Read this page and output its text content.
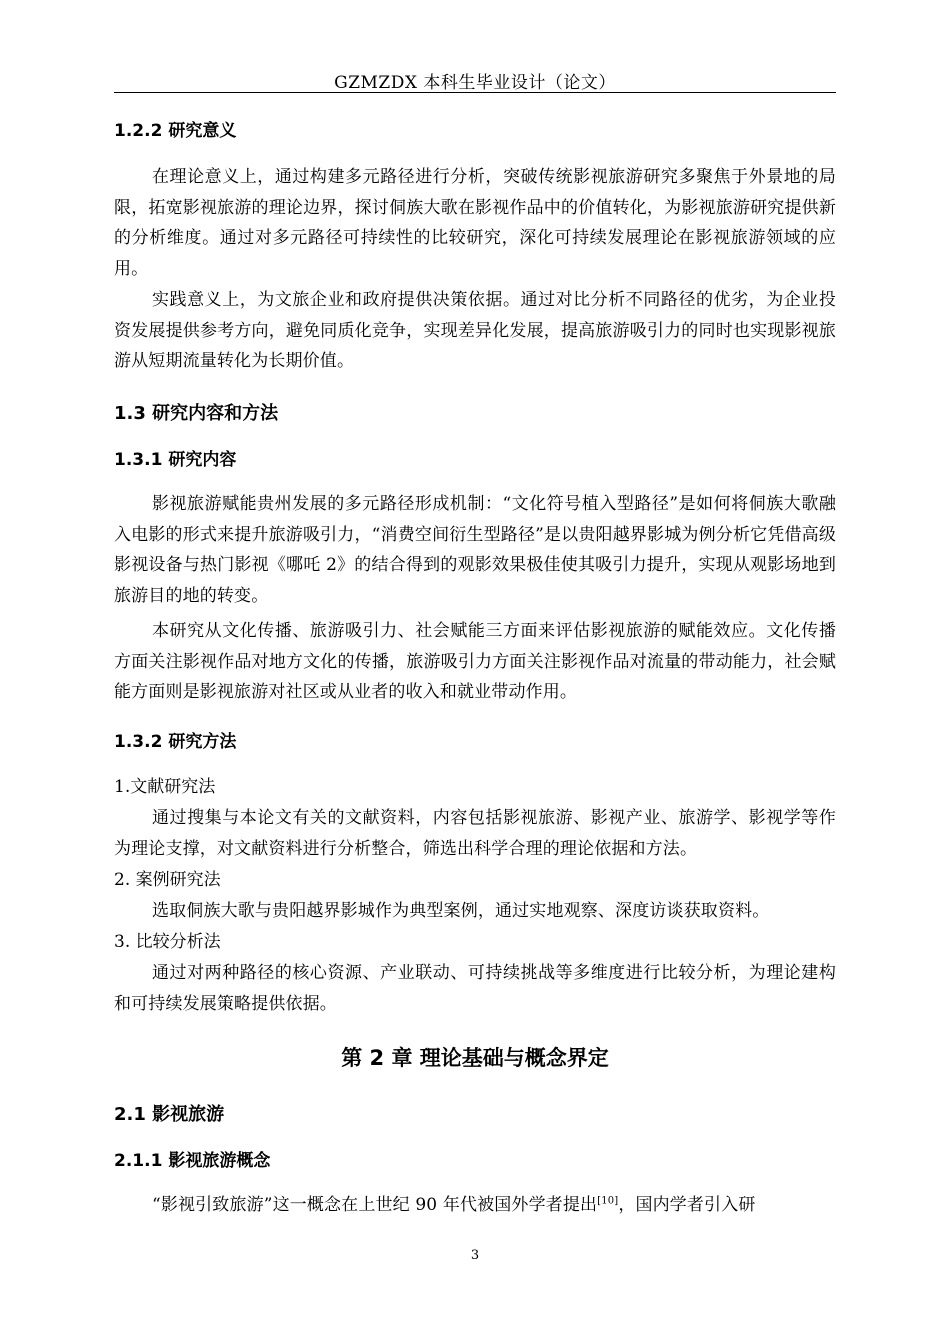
GZMZDX 本科生毕业设计（论文）
1.2.2 研究意义
在理论意义上，通过构建多元路径进行分析，突破传统影视旅游研究多聚焦于外景地的局限，拓宽影视旅游的理论边界，探讨侗族大歌在影视作品中的价值转化，为影视旅游研究提供新的分析维度。通过对多元路径可持续性的比较研究，深化可持续发展理论在影视旅游领域的应用。
实践意义上，为文旅企业和政府提供决策依据。通过对比分析不同路径的优劣，为企业投资发展提供参考方向，避免同质化竞争，实现差异化发展，提高旅游吸引力的同时也实现影视旅游从短期流量转化为长期价值。
1.3 研究内容和方法
1.3.1 研究内容
影视旅游赋能贵州发展的多元路径形成机制：“文化符号植入型路径”是如何将侗族大歌融入电影的形式来提升旅游吸引力，“消费空间衍生型路径”是以贵阳越界影城为例分析它凭借高级影视设备与热门影视《哪吒 2》的结合得到的观影效果极佳使其吸引力提升，实现从观影场地到旅游目的地的转变。
本研究从文化传播、旅游吸引力、社会赋能三方面来评估影视旅游的赋能效应。文化传播方面关注影视作品对地方文化的传播，旅游吸引力方面关注影视作品对流量的带动能力，社会赋能方面则是影视旅游对社区或从业者的收入和就业带动作用。
1.3.2 研究方法
1.文献研究法
通过搜集与本论文有关的文献资料，内容包括影视旅游、影视产业、旅游学、影视学等作为理论支撑，对文献资料进行分析整合，筛选出科学合理的理论依据和方法。
2. 案例研究法
选取侗族大歌与贵阳越界影城作为典型案例，通过实地观察、深度访谈获取资料。
3. 比较分析法
通过对两种路径的核心资源、产业联动、可持续挑战等多维度进行比较分析，为理论建构和可持续发展策略提供依据。
第 2 章 理论基础与概念界定
2.1 影视旅游
2.1.1 影视旅游概念
“影视引致旅游”这一概念在上世纪 90 年代被国外学者提出[10]，国内学者引入研
3
